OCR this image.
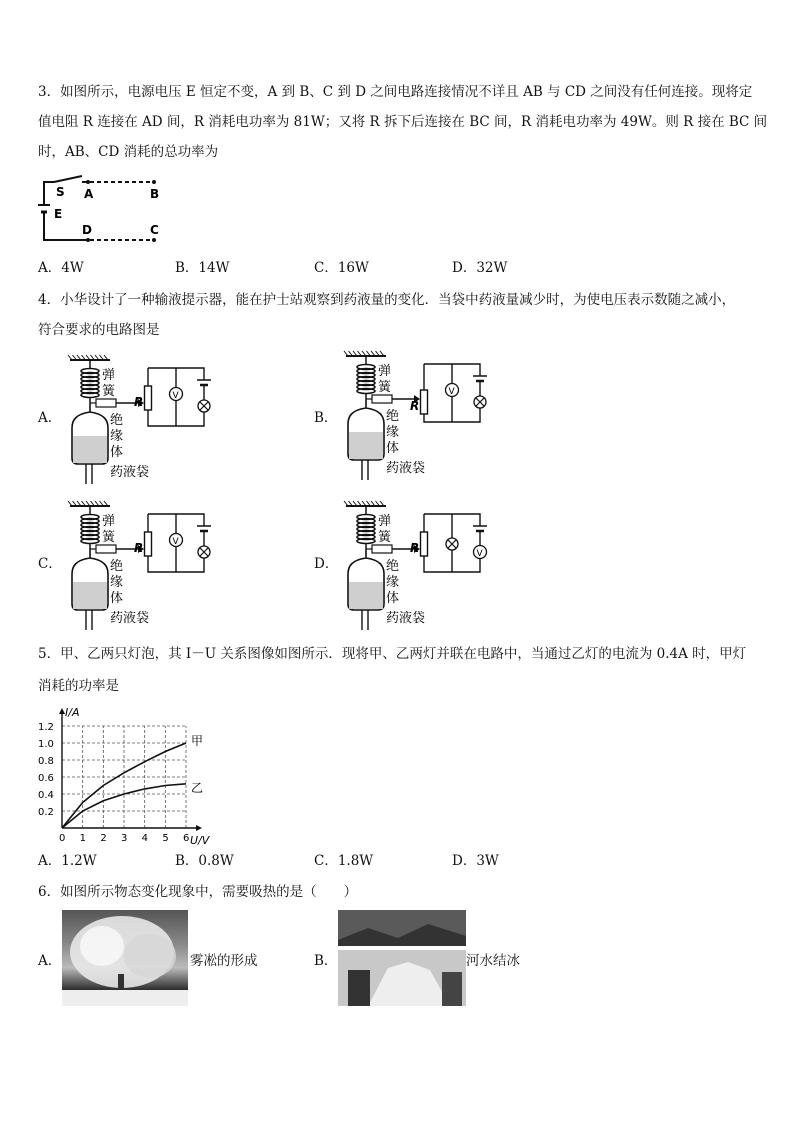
3．如图所示，电源电压 E 恒定不变，A 到 B、C 到 D 之间电路连接情况不详且 AB 与 CD 之间没有任何连接。现将定
值电阻 R 连接在 AD 间，R 消耗电功率为 81W；又将 R 拆下后连接在 BC 间，R 消耗电功率为 49W。则 R 接在 BC 间
时，AB、CD 消耗的总功率为
S A	B
E
D	C
A．4W	B．14W	C．16W	D．32W
4．小华设计了一种输液提示器，能在护士站观察到药液量的变化．当袋中药液量减少时，为使电压表示数随之减小，
符合要求的电路图是
A．	B．
C．	D．
弹
簧
绝
缘
体
药液袋
R	V
弹
簧
绝
缘
体
药液袋
R
V
弹
簧
绝
缘
体
药液袋
R	V
弹
簧
绝
缘
体
药液袋
R	V
5．甲、乙两只灯泡，其 I－U 关系图像如图所示．现将甲、乙两灯并联在电路中，当通过乙灯的电流为 0.4A 时，甲灯
消耗的功率是
0 1 2 3 4 5 6
0.2
0.4
0.6
0.8
1.0
1.2
甲
乙
I/A
U/V
A．1.2W	B．0.8W	C．1.8W	D．3W
6．如图所示物态变化现象中，需要吸热的是（　　）
A．	雾凇的形成	B．	河水结冰
